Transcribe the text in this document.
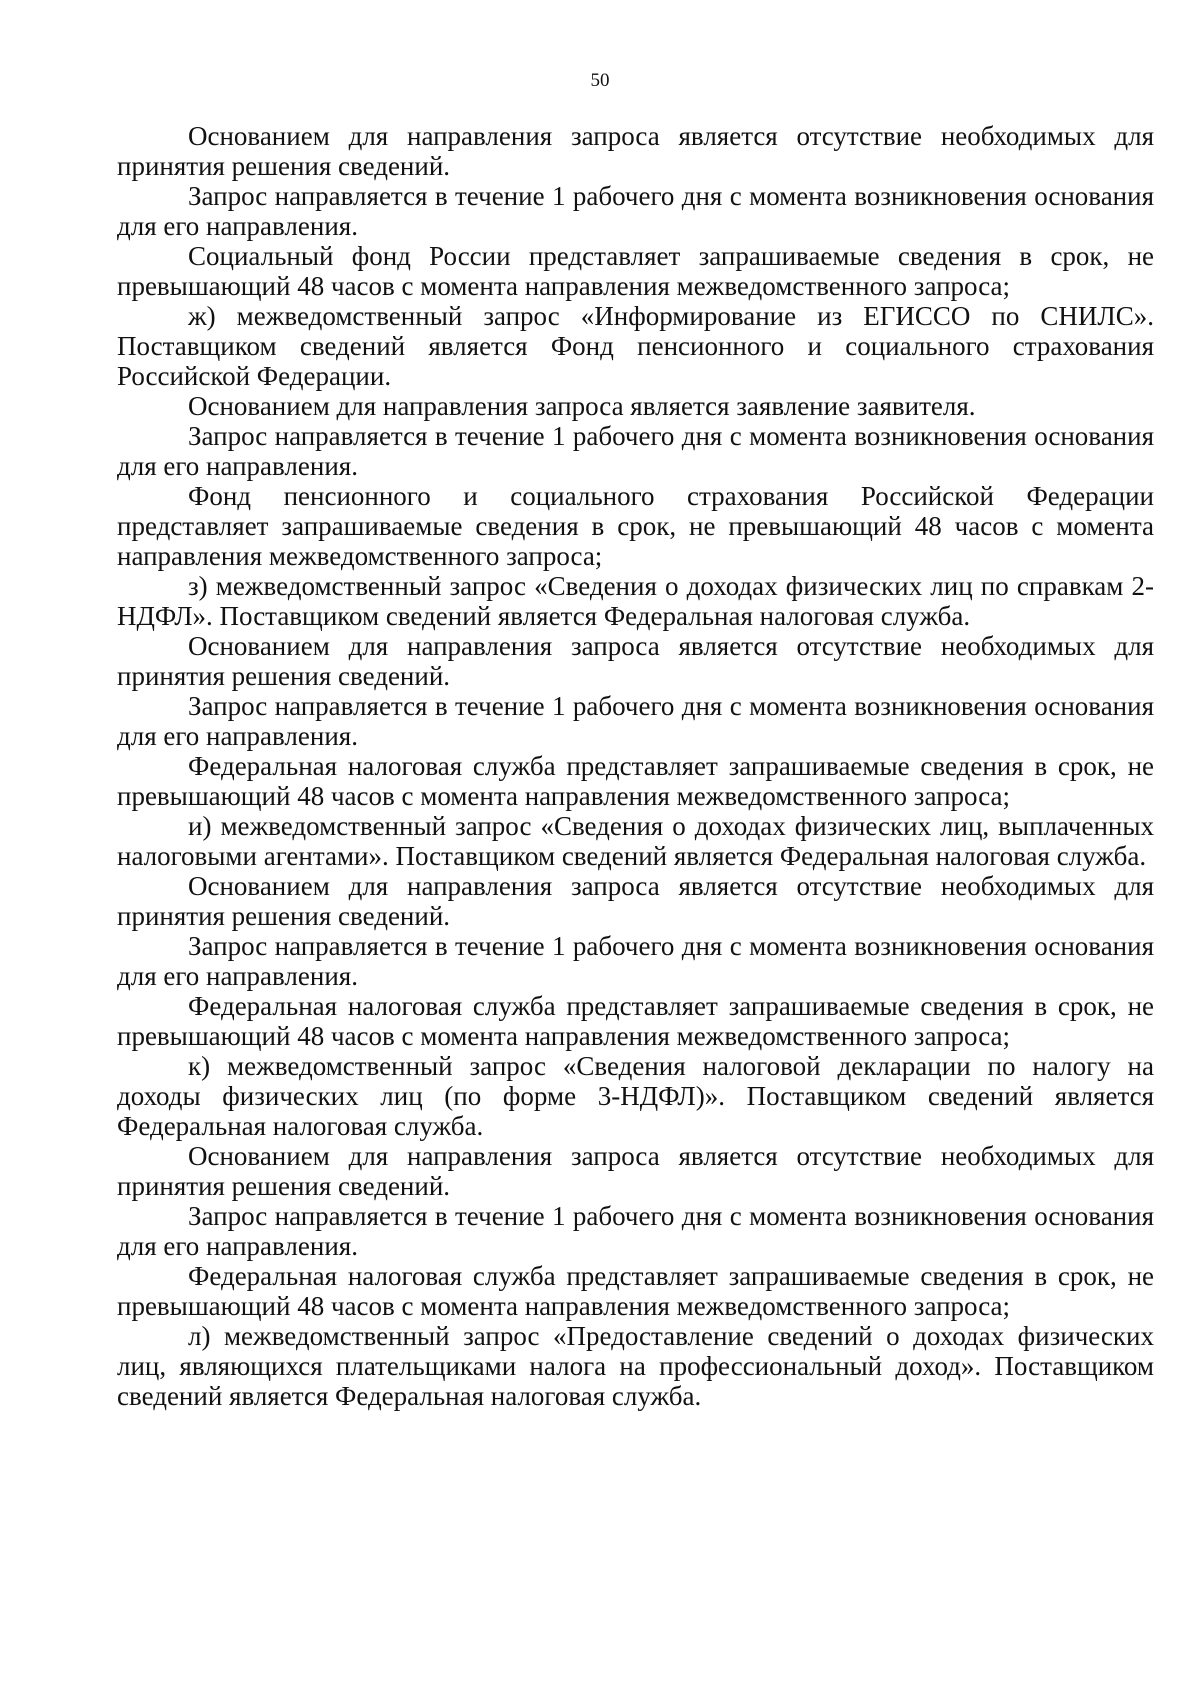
50

Основанием для направления запроса является отсутствие необходимых для принятия решения сведений.

Запрос направляется в течение 1 рабочего дня с момента возникновения основания для его направления.

Социальный фонд России представляет запрашиваемые сведения в срок, не превышающий 48 часов с момента направления межведомственного запроса;

ж) межведомственный запрос «Информирование из ЕГИССО по СНИЛС». Поставщиком сведений является Фонд пенсионного и социального страхования Российской Федерации.

Основанием для направления запроса является заявление заявителя.

Запрос направляется в течение 1 рабочего дня с момента возникновения основания для его направления.

Фонд пенсионного и социального страхования Российской Федерации представляет запрашиваемые сведения в срок, не превышающий 48 часов с момента направления межведомственного запроса;

з) межведомственный запрос «Сведения о доходах физических лиц по справкам 2-НДФЛ». Поставщиком сведений является Федеральная налоговая служба.

Основанием для направления запроса является отсутствие необходимых для принятия решения сведений.

Запрос направляется в течение 1 рабочего дня с момента возникновения основания для его направления.

Федеральная налоговая служба представляет запрашиваемые сведения в срок, не превышающий 48 часов с момента направления межведомственного запроса;

и) межведомственный запрос «Сведения о доходах физических лиц, выплаченных налоговыми агентами». Поставщиком сведений является Федеральная налоговая служба.

Основанием для направления запроса является отсутствие необходимых для принятия решения сведений.

Запрос направляется в течение 1 рабочего дня с момента возникновения основания для его направления.

Федеральная налоговая служба представляет запрашиваемые сведения в срок, не превышающий 48 часов с момента направления межведомственного запроса;

к) межведомственный запрос «Сведения налоговой декларации по налогу на доходы физических лиц (по форме 3-НДФЛ)». Поставщиком сведений является Федеральная налоговая служба.

Основанием для направления запроса является отсутствие необходимых для принятия решения сведений.

Запрос направляется в течение 1 рабочего дня с момента возникновения основания для его направления.

Федеральная налоговая служба представляет запрашиваемые сведения в срок, не превышающий 48 часов с момента направления межведомственного запроса;

л) межведомственный запрос «Предоставление сведений о доходах физических лиц, являющихся плательщиками налога на профессиональный доход». Поставщиком сведений является Федеральная налоговая служба.
